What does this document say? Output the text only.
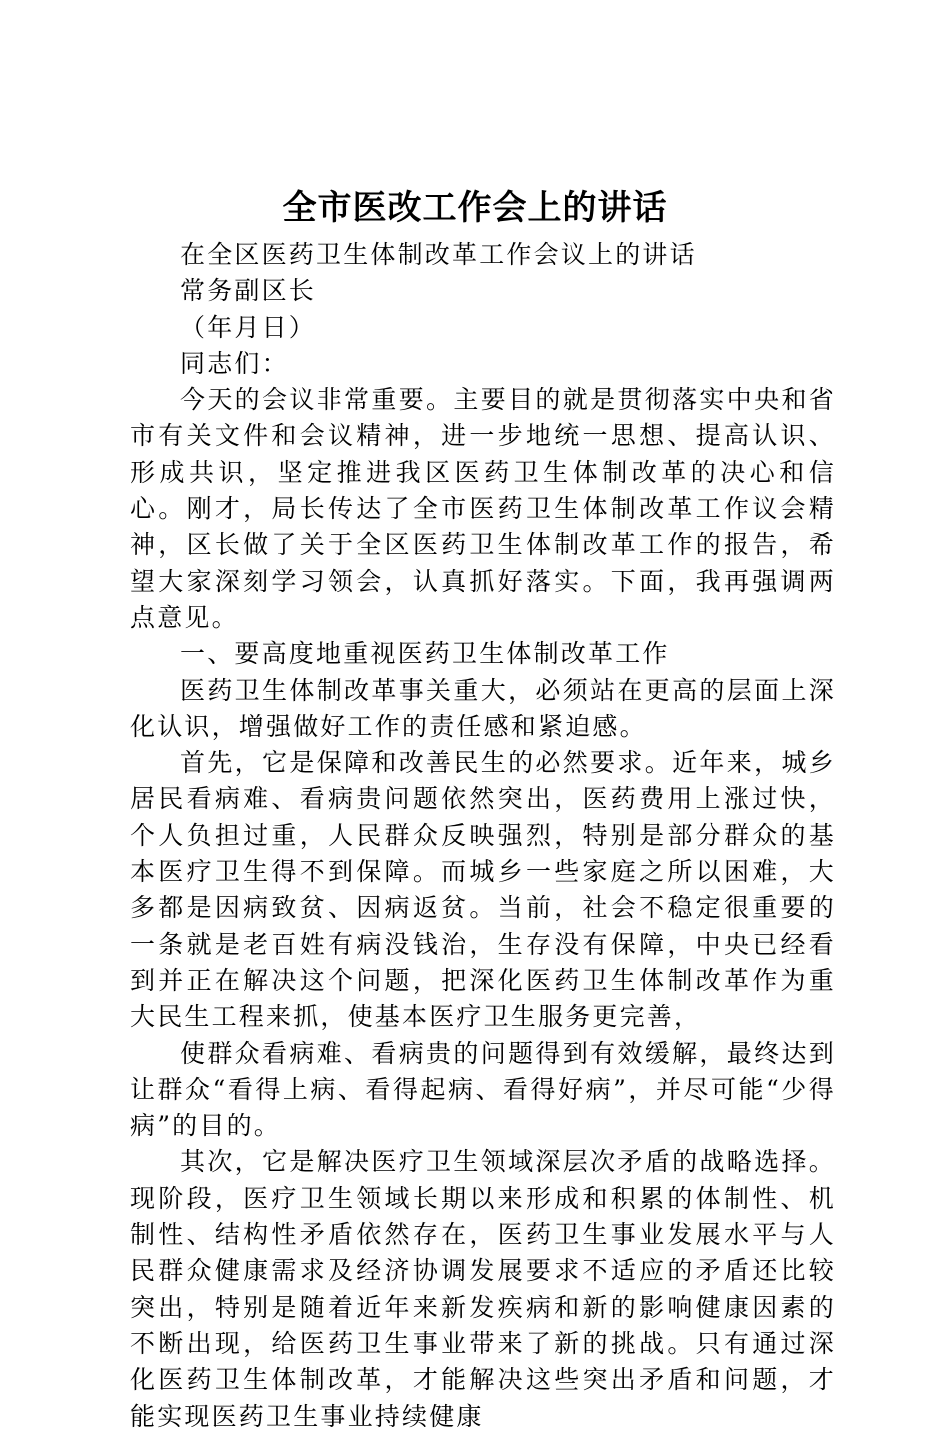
全市医改工作会上的讲话

在全区医药卫生体制改革工作会议上的讲话

常务副区长

（年月日）

同志们：

今天的会议非常重要。主要目的就是贯彻落实中央和省市有关文件和会议精神，进一步地统一思想、提高认识、形成共识，坚定推进我区医药卫生体制改革的决心和信心。刚才，局长传达了全市医药卫生体制改革工作议会精神，区长做了关于全区医药卫生体制改革工作的报告，希望大家深刻学习领会，认真抓好落实。下面，我再强调两点意见。

一、要高度地重视医药卫生体制改革工作

医药卫生体制改革事关重大，必须站在更高的层面上深化认识，增强做好工作的责任感和紧迫感。

首先，它是保障和改善民生的必然要求。近年来，城乡居民看病难、看病贵问题依然突出，医药费用上涨过快，个人负担过重，人民群众反映强烈，特别是部分群众的基本医疗卫生得不到保障。而城乡一些家庭之所以困难，大多都是因病致贫、因病返贫。当前，社会不稳定很重要的一条就是老百姓有病没钱治，生存没有保障，中央已经看到并正在解决这个问题，把深化医药卫生体制改革作为重大民生工程来抓，使基本医疗卫生服务更完善，

使群众看病难、看病贵的问题得到有效缓解，最终达到让群众“看得上病、看得起病、看得好病”，并尽可能“少得病”的目的。

其次，它是解决医疗卫生领域深层次矛盾的战略选择。现阶段，医疗卫生领域长期以来形成和积累的体制性、机制性、结构性矛盾依然存在，医药卫生事业发展水平与人民群众健康需求及经济协调发展要求不适应的矛盾还比较突出，特别是随着近年来新发疾病和新的影响健康因素的不断出现，给医药卫生事业带来了新的挑战。只有通过深化医药卫生体制改革，才能解决这些突出矛盾和问题，才能实现医药卫生事业持续健康
